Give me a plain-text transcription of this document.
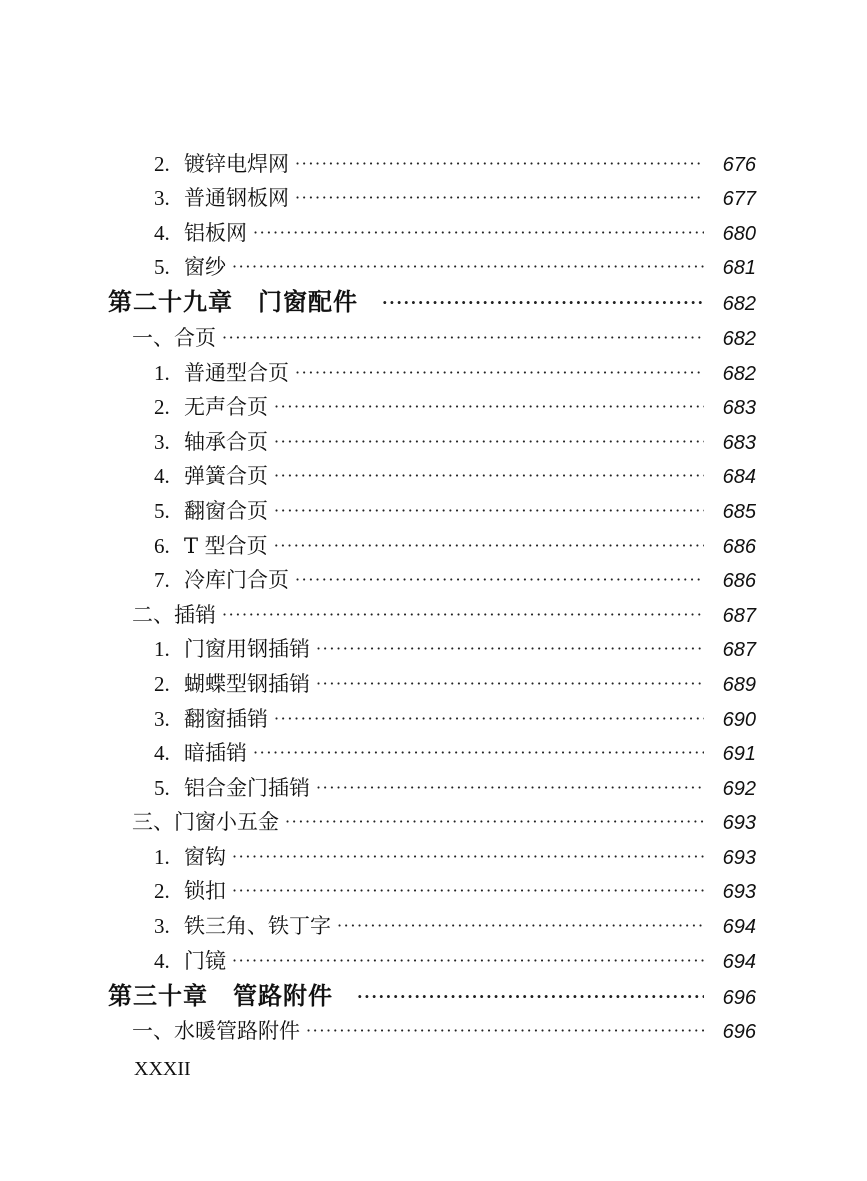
2. 镀锌电焊网 ·····	676
3. 普通钢板网 ·····	677
4. 铝板网 ·····	680
5. 窗纱 ·····	681
第二十九章　门窗配件 ·····	682
一、合页 ·····	682
1. 普通型合页 ·····	682
2. 无声合页 ·····	683
3. 轴承合页 ·····	683
4. 弹簧合页 ·····	684
5. 翻窗合页 ·····	685
6. T 型合页 ·····	686
7. 冷库门合页 ·····	686
二、插销 ·····	687
1. 门窗用钢插销 ·····	687
2. 蝴蝶型钢插销 ·····	689
3. 翻窗插销 ·····	690
4. 暗插销 ·····	691
5. 铝合金门插销 ·····	692
三、门窗小五金 ·····	693
1. 窗钩 ·····	693
2. 锁扣 ·····	693
3. 铁三角、铁丁字 ·····	694
4. 门镜 ·····	694
第三十章　管路附件 ·····	696
一、水暖管路附件 ·····	696
XXXII
